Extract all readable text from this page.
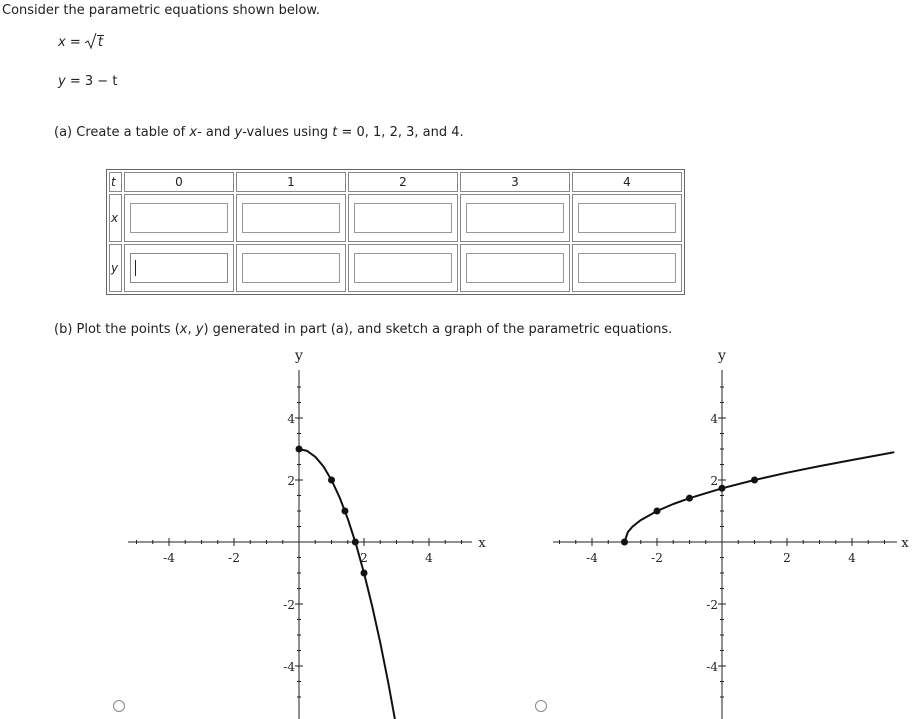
Consider the parametric equations shown below.
x = t
y = 3 − t
(a) Create a table of x- and y-values using t = 0, 1, 2, 3, and 4.
t	0	1	2	3	4
x					
y	

(b) Plot the points (x, y) generated in part (a), and sketch a graph of the parametric equations.
-4	-2	2	4
4
2
-2
-4
x
y
-4	-2	2	4
4
2
-2
-4
x
y
